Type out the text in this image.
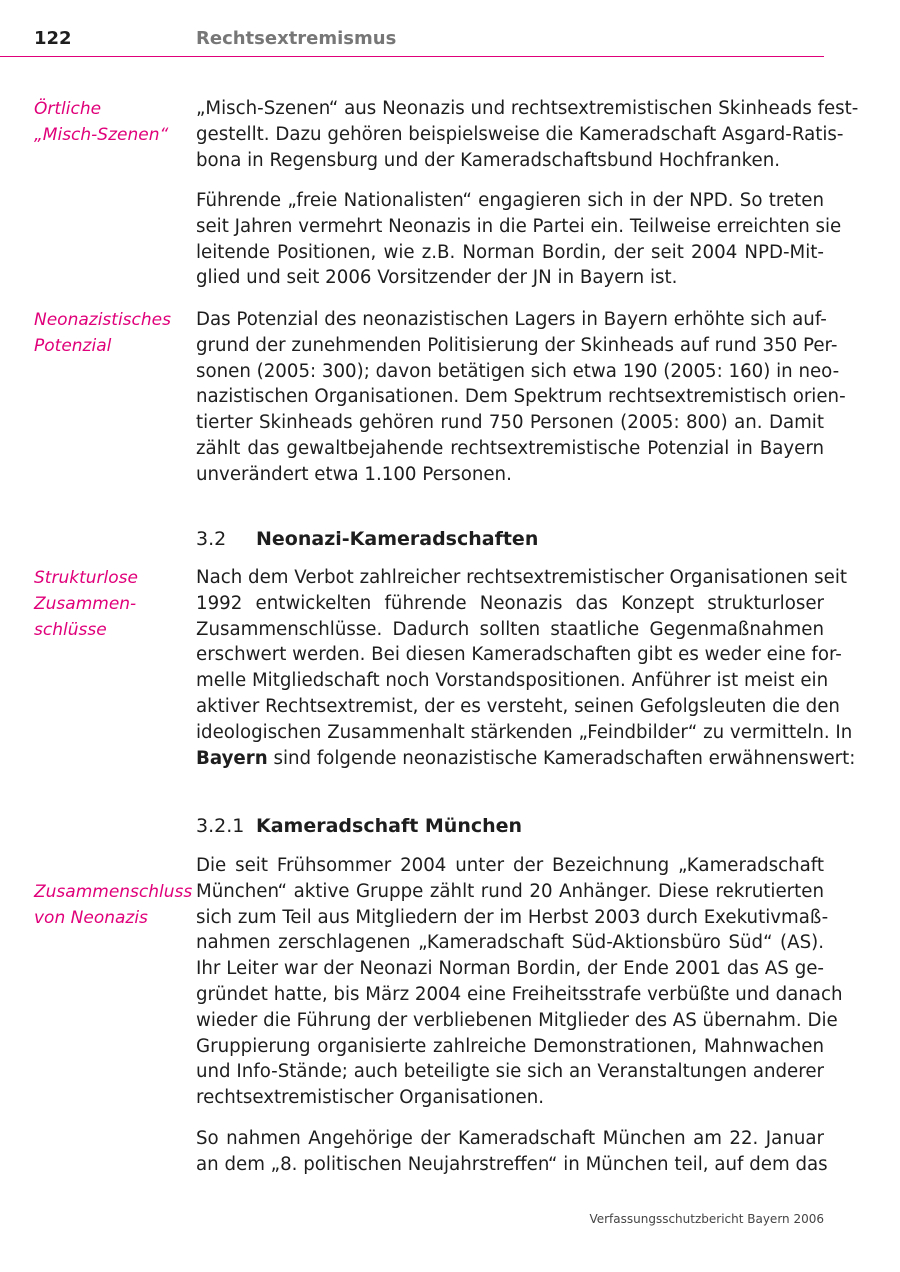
122	Rechtsextremismus
Örtliche
„Misch-Szenen“
Neonazistisches
Potenzial
Strukturlose
Zusammen-
schlüsse
Zusammenschluss
von Neonazis
„Misch-Szenen“ aus Neonazis und rechtsextremistischen Skinheads fest-
gestellt. Dazu gehören beispielsweise die Kameradschaft Asgard-Ratis-
bona in Regensburg und der Kameradschaftsbund Hochfranken.
Führende „freie Nationalisten“ engagieren sich in der NPD. So treten
seit Jahren vermehrt Neonazis in die Partei ein. Teilweise erreichten sie
leitende Positionen, wie z.B. Norman Bordin, der seit 2004 NPD-Mit-
glied und seit 2006 Vorsitzender der JN in Bayern ist.
Das Potenzial des neonazistischen Lagers in Bayern erhöhte sich auf-
grund der zunehmenden Politisierung der Skinheads auf rund 350 Per-
sonen (2005: 300); davon betätigen sich etwa 190 (2005: 160) in neo-
nazistischen Organisationen. Dem Spektrum rechtsextremistisch orien-
tierter Skinheads gehören rund 750 Personen (2005: 800) an. Damit
zählt das gewaltbejahende rechtsextremistische Potenzial in Bayern
unverändert etwa 1.100 Personen.
3.2 Neonazi-Kameradschaften
Nach dem Verbot zahlreicher rechtsextremistischer Organisationen seit
1992 entwickelten führende Neonazis das Konzept strukturloser
Zusammenschlüsse. Dadurch sollten staatliche Gegenmaßnahmen
erschwert werden. Bei diesen Kameradschaften gibt es weder eine for-
melle Mitgliedschaft noch Vorstandspositionen. Anführer ist meist ein
aktiver Rechtsextremist, der es versteht, seinen Gefolgsleuten die den
ideologischen Zusammenhalt stärkenden „Feindbilder“ zu vermitteln. In
Bayern sind folgende neonazistische Kameradschaften erwähnenswert:
3.2.1 Kameradschaft München
Die seit Frühsommer 2004 unter der Bezeichnung „Kameradschaft
München“ aktive Gruppe zählt rund 20 Anhänger. Diese rekrutierten
sich zum Teil aus Mitgliedern der im Herbst 2003 durch Exekutivmaß-
nahmen zerschlagenen „Kameradschaft Süd-Aktionsbüro Süd“ (AS).
Ihr Leiter war der Neonazi Norman Bordin, der Ende 2001 das AS ge-
gründet hatte, bis März 2004 eine Freiheitsstrafe verbüßte und danach
wieder die Führung der verbliebenen Mitglieder des AS übernahm. Die
Gruppierung organisierte zahlreiche Demonstrationen, Mahnwachen
und Info-Stände; auch beteiligte sie sich an Veranstaltungen anderer
rechtsextremistischer Organisationen.
So nahmen Angehörige der Kameradschaft München am 22. Januar
an dem „8. politischen Neujahrstreffen“ in München teil, auf dem das
Verfassungsschutzbericht Bayern 2006
